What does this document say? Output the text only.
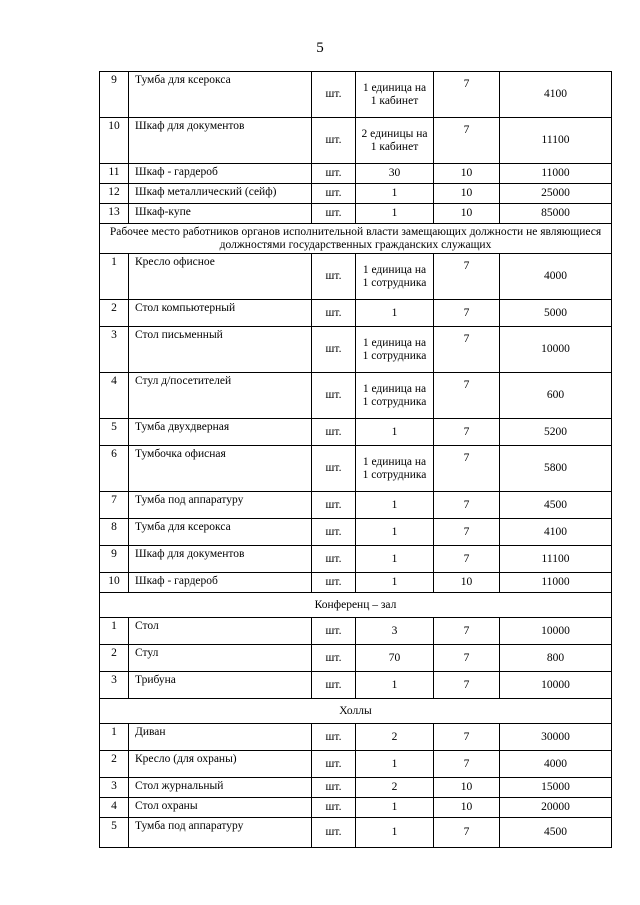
5
9	Тумба для ксерокса	шт.	1 единица на 1 кабинет	7	4100
10	Шкаф для документов	шт.	2 единицы на 1 кабинет	7	11100
11	Шкаф - гардероб	шт.	30	10	11000
12	Шкаф металлический (сейф)	шт.	1	10	25000
13	Шкаф-купе	шт.	1	10	85000
Рабочее место работников органов исполнительной власти замещающих должности не являющиеся должностями государственных гражданских служащих					
1	Кресло офисное	шт.	1 единица на 1 сотрудника	7	4000
2	Стол компьютерный	шт.	1	7	5000
3	Стол письменный	шт.	1 единица на 1 сотрудника	7	10000
4	Стул д/посетителей	шт.	1 единица на 1 сотрудника	7	600
5	Тумба двухдверная	шт.	1	7	5200
6	Тумбочка офисная	шт.	1 единица на 1 сотрудника	7	5800
7	Тумба под аппаратуру	шт.	1	7	4500
8	Тумба для ксерокса	шт.	1	7	4100
9	Шкаф для документов	шт.	1	7	11100
10	Шкаф - гардероб	шт.	1	10	11000
Конференц – зал					
1	Стол	шт.	3	7	10000
2	Стул	шт.	70	7	800
3	Трибуна	шт.	1	7	10000
Холлы					
1	Диван	шт.	2	7	30000
2	Кресло (для охраны)	шт.	1	7	4000
3	Стол журнальный	шт.	2	10	15000
4	Стол охраны	шт.	1	10	20000
5	Тумба под аппаратуру	шт.	1	7	4500
